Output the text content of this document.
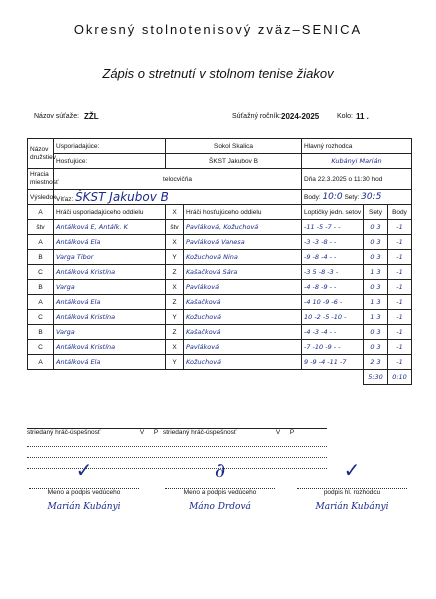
Okresný stolnotenisový zväz–SENICA
Zápis o stretnutí v stolnom tenise žiakov
Názov súťaže: ZŽL	Súťažný ročník: 2024-2025	Kolo: 11 .
Názov družstiev	Usporiadajúce:	Sokol Skalica		Hlavný rozhodca		
	Hosťujúce:	ŠKST Jakubov B		Kubányi Marián		
Hracia miestnosť	telocvičňa			Dňa 22.3.2025 o 11:30 hod		
Výsledok.	Víťaz: ŠKST Jakubov B			Body: 10:0 Sety: 30:5		
A	Hráči usporiadajúceho oddielu	X	Hráči hosťujúceho oddielu	Loptičky jedn. setov	Sety	Body
štv	Antálková E, Antálk. K	štv	Pavláková, Kožuchová	-11 -5 -7 - -	0 3	-1
A	Antálková Ela	X	Pavláková Vanesa	-3 -3 -8 - -	0 3	-1
B	Varga Tibor	Y	Kožuchová Nina	-9 -8 -4 - -	0 3	-1
C	Antálková Kristína	Z	Kašačková Sára	-3 5 -8 -3 -	1 3	-1
B	Varga	X	Pavláková	-4 -8 -9 - -	0 3	-1
A	Antálková Ela	Z	Kašačková	-4 10 -9 -6 -	1 3	-1
C	Antálková Kristína	Y	Kožuchová	10 -2 -5 -10 -	1 3	-1
B	Varga	Z	Kašačková	-4 -3 -4 - -	0 3	-1
C	Antálková Kristína	X	Pavláková	-7 -10 -9 - -	0 3	-1
A	Antálková Ela	Y	Kožuchová	9 -9 -4 -11 -7	2 3	-1
					5:30	0:10
striedaný hráč-úspešnosť	V	P striedaný hráč-úspešnosť	V	P
✓
Meno a podpis vedúceho
Marián Kubányi
∂
Meno a podpis vedúceho
Máno Drdová
✓
podpis hl. rozhodcu
Marián Kubányi
